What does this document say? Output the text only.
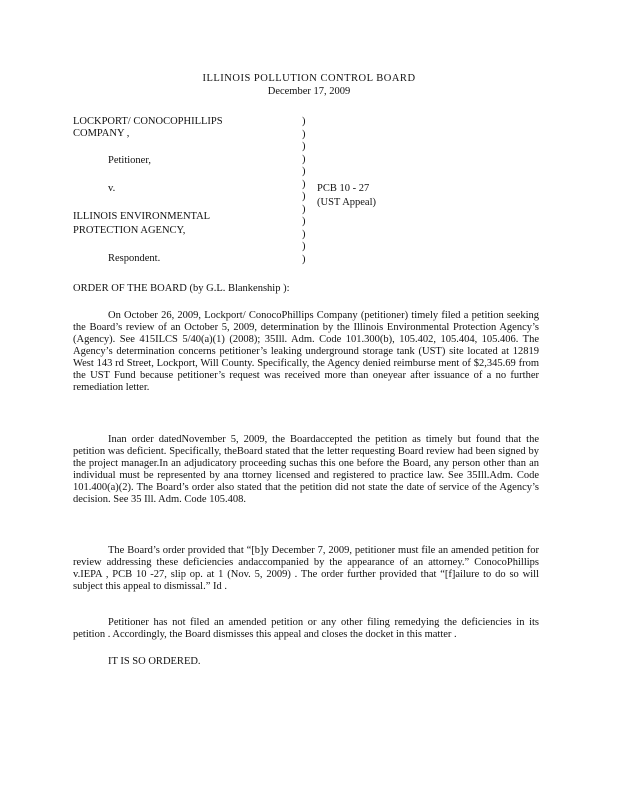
ILLINOIS POLLUTION CONTROL BOARD
December 17, 2009
LOCKPORT/ CONOCOPHILLIPS
COMPANY ,
Petitioner,
v.
ILLINOIS ENVIRONMENTAL
PROTECTION AGENCY,
Respondent.
)
)
)
)
)
)
)
)
)
)
)
)
PCB 10 - 27
(UST Appeal)
ORDER OF THE BOARD (by G.L. Blankenship ):

On October 26, 2009, Lockport/ ConocoPhillips Company (petitioner) timely filed a petition seeking the Board’s review of an October 5, 2009, determination by the Illinois Environmental Protection Agency’s (Agency). See 415ILCS 5/40(a)(1) (2008); 35Ill. Adm. Code 101.300(b), 105.402, 105.404, 105.406. The Agency’s determination concerns petitioner’s leaking underground storage tank (UST) site located at 12819 West 143 rd Street, Lockport, Will County. Specifically, the Agency denied reimburse ment of $2,345.69 from the UST Fund because petitioner’s request was received more than oneyear after issuance of a no further remediation letter.

Inan order datedNovember 5, 2009, the Boardaccepted the petition as timely but found that the petition was deficient. Specifically, theBoard stated that the letter requesting Board review had been signed by the project manager.In an adjudicatory proceeding suchas this one before the Board, any person other than an individual must be represented by ana ttorney licensed and registered to practice law. See 35Ill.Adm. Code 101.400(a)(2). The Board’s order also stated that the petition did not state the date of service of the Agency’s decision. See 35 Ill. Adm. Code 105.408.

The Board’s order provided that “[b]y December 7, 2009, petitioner must file an amended petition for review addressing these deficiencies andaccompanied by the appearance of an attorney.” ConocoPhillips v.IEPA , PCB 10 -27, slip op. at 1 (Nov. 5, 2009) . The order further provided that “[f]ailure to do so will subject this appeal to dismissal.” Id .

Petitioner has not filed an amended petition or any other filing remedying the deficiencies in its petition . Accordingly, the Board dismisses this appeal and closes the docket in this matter .

IT IS SO ORDERED.
